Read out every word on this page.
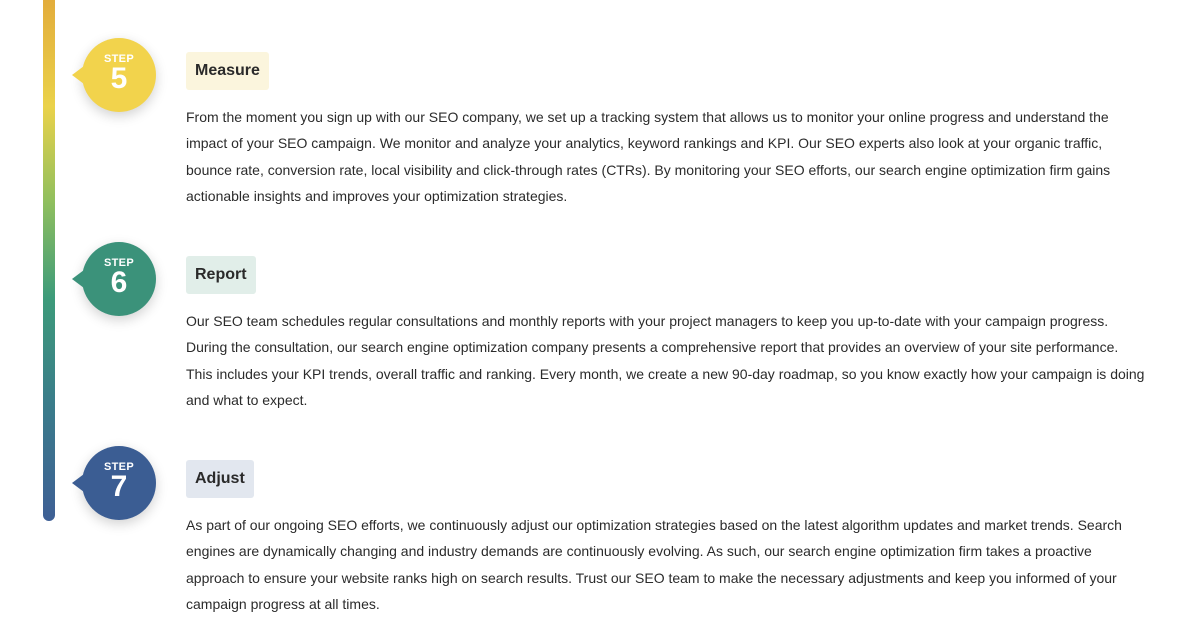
STEP
5	Measure

From the moment you sign up with our SEO company, we set up a tracking system that allows us to monitor your online progress and understand the impact of your SEO campaign. We monitor and analyze your analytics, keyword rankings and KPI. Our SEO experts also look at your organic traffic, bounce rate, conversion rate, local visibility and click-through rates (CTRs). By monitoring your SEO efforts, our search engine optimization firm gains actionable insights and improves your optimization strategies.

STEP
6	Report

Our SEO team schedules regular consultations and monthly reports with your project managers to keep you up-to-date with your campaign progress. During the consultation, our search engine optimization company presents a comprehensive report that provides an overview of your site performance. This includes your KPI trends, overall traffic and ranking. Every month, we create a new 90-day roadmap, so you know exactly how your campaign is doing and what to expect.

STEP
7	Adjust

As part of our ongoing SEO efforts, we continuously adjust our optimization strategies based on the latest algorithm updates and market trends. Search engines are dynamically changing and industry demands are continuously evolving. As such, our search engine optimization firm takes a proactive approach to ensure your website ranks high on search results. Trust our SEO team to make the necessary adjustments and keep you informed of your campaign progress at all times.
